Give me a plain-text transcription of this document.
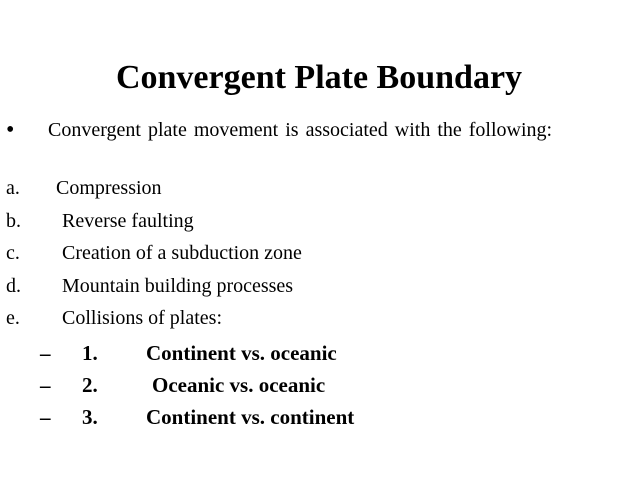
Convergent Plate Boundary
• Convergent plate movement is associated with the following:
a. Compression
b. Reverse faulting
c. Creation of a subduction zone
d. Mountain building processes
e. Collisions of plates:
– 1. Continent vs. oceanic
– 2.	Oceanic vs. oceanic
– 3. Continent vs. continent
